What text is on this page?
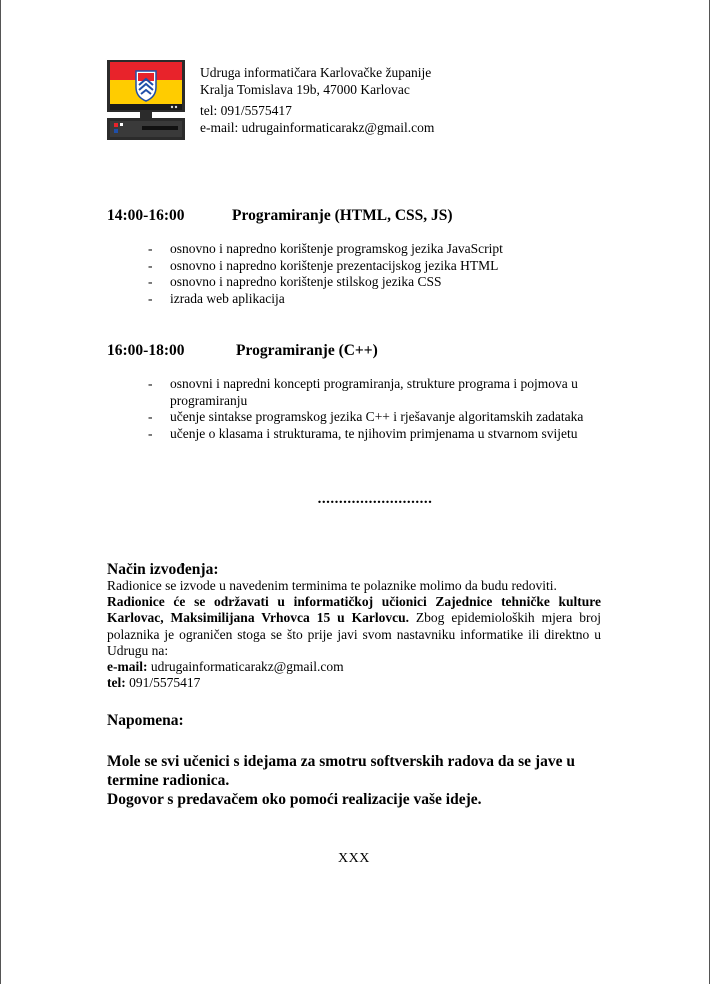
Udruga informatičara Karlovačke županije
Kralja Tomislava 19b, 47000 Karlovac
tel: 091/5575417
e-mail: udrugainformaticarakz@gmail.com
14:00-16:00	Programiranje (HTML, CSS, JS)
- osnovno i napredno korištenje programskog jezika JavaScript
- osnovno i napredno korištenje prezentacijskog jezika HTML
- osnovno i napredno korištenje stilskog jezika CSS
- izrada web aplikacija
16:00-18:00	Programiranje (C++)
- osnovni i napredni koncepti programiranja, strukture programa i pojmova u programiranju
- učenje sintakse programskog jezika C++ i rješavanje algoritamskih zadataka
- učenje o klasama i strukturama, te njihovim primjenama u stvarnom svijetu
...........................
Način izvođenja:
Radionice se izvode u navedenim terminima te polaznike molimo da budu redoviti.
Radionice će se održavati u informatičkoj učionici Zajednice tehničke kulture Karlovac, Maksimilijana Vrhovca 15 u Karlovcu. Zbog epidemioloških mjera broj polaznika je ograničen stoga se što prije javi svom nastavniku informatike ili direktno u Udrugu na:
e-mail: udrugainformaticarakz@gmail.com
tel: 091/5575417
Napomena:
Mole se svi učenici s idejama za smotru softverskih radova da se jave u termine radionica.
Dogovor s predavačem oko pomoći realizacije vaše ideje.
XXX
